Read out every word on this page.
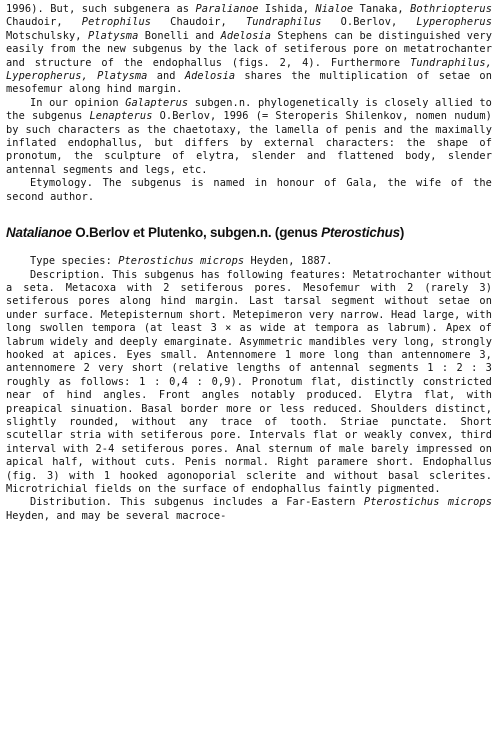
1996). But, such subgenera as Paralianoe Ishida, Nialoe Tanaka, Bothriopterus Chaudoir, Petrophilus Chaudoir, Tundraphilus O.Berlov, Lyperopherus Motschulsky, Platysma Bonelli and Adelosia Stephens can be distinguished very easily from the new subgenus by the lack of setiferous pore on metatrochanter and structure of the endophallus (figs. 2, 4). Furthermore Tundraphilus, Lyperopherus, Platysma and Adelosia shares the multiplication of setae on mesofemur along hind margin.

In our opinion Galapterus subgen.n. phylogenetically is closely allied to the subgenus Lenapterus O.Berlov, 1996 (= Steroperis Shilenkov, nomen nudum) by such characters as the chaetotaxy, the lamella of penis and the maximally inflated endophallus, but differs by external characters: the shape of pronotum, the sculpture of elytra, slender and flattened body, slender antennal segments and legs, etc.

Etymology. The subgenus is named in honour of Gala, the wife of the second author.

Natalianoe O.Berlov et Plutenko, subgen.n. (genus Pterostichus)

Type species: Pterostichus microps Heyden, 1887.

Description. This subgenus has following features: Metatrochanter without a seta. Metacoxa with 2 setiferous pores. Mesofemur with 2 (rarely 3) setiferous pores along hind margin. Last tarsal segment without setae on under surface. Metepisternum short. Metepimeron very narrow. Head large, with long swollen tempora (at least 3 × as wide at tempora as labrum). Apex of labrum widely and deeply emarginate. Asymmetric mandibles very long, strongly hooked at apices. Eyes small. Antennomere 1 more long than antennomere 3, antennomere 2 very short (relative lengths of antennal segments 1 : 2 : 3 roughly as follows: 1 : 0,4 : 0,9). Pronotum flat, distinctly constricted near of hind angles. Front angles notably produced. Elytra flat, with preapical sinuation. Basal border more or less reduced. Shoulders distinct, slightly rounded, without any trace of tooth. Striae punctate. Short scutellar stria with setiferous pore. Intervals flat or weakly convex, third interval with 2-4 setiferous pores. Anal sternum of male barely impressed on apical half, without cuts. Penis normal. Right paramere short. Endophallus (fig. 3) with 1 hooked agonoporial sclerite and without basal sclerites. Microtrichial fields on the surface of endophallus faintly pigmented.

Distribution. This subgenus includes a Far-Eastern Pterostichus microps Heyden, and may be several macroce-
